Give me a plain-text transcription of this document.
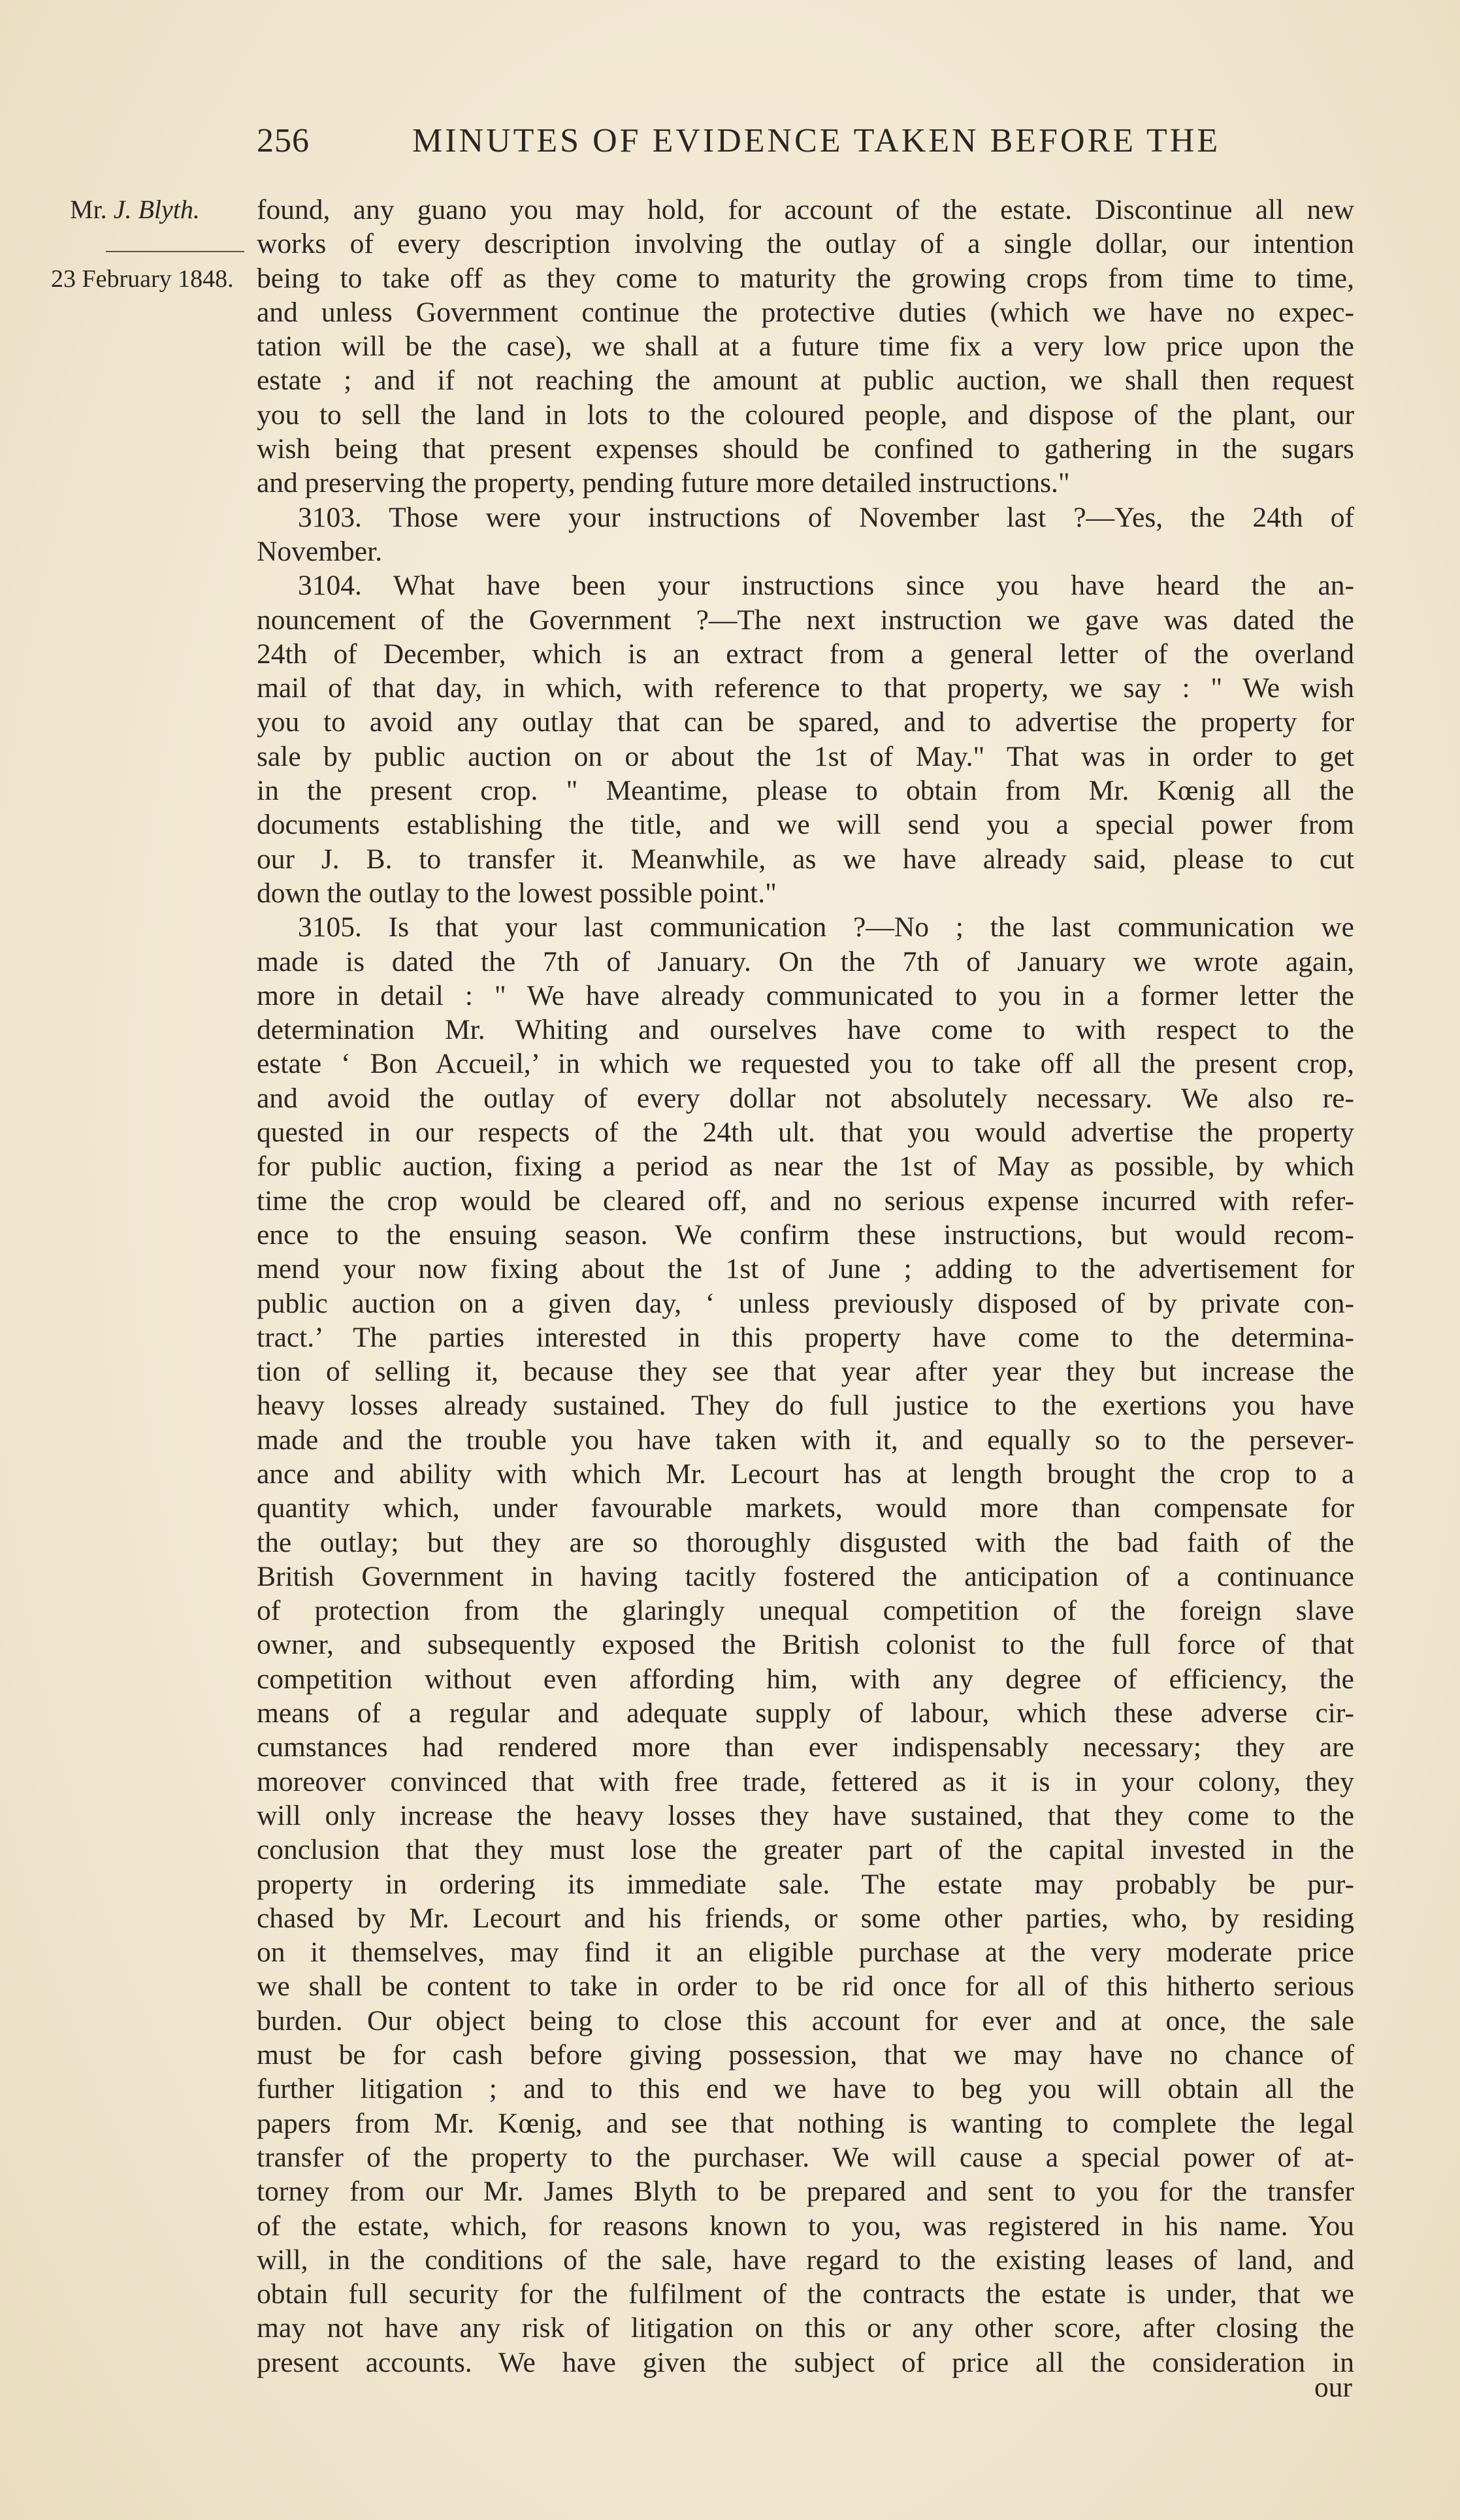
256	MINUTES OF EVIDENCE TAKEN BEFORE THE
Mr. J. Blyth.
23 February 1848.
found, any guano you may hold, for account of the estate. Discontinue all new
works of every description involving the outlay of a single dollar, our intention
being to take off as they come to maturity the growing crops from time to time,
and unless Government continue the protective duties (which we have no expec-
tation will be the case), we shall at a future time fix a very low price upon the
estate ; and if not reaching the amount at public auction, we shall then request
you to sell the land in lots to the coloured people, and dispose of the plant, our
wish being that present expenses should be confined to gathering in the sugars
and preserving the property, pending future more detailed instructions."
3103. Those were your instructions of November last ?—Yes, the 24th of
November.
3104. What have been your instructions since you have heard the an-
nouncement of the Government ?—The next instruction we gave was dated the
24th of December, which is an extract from a general letter of the overland
mail of that day, in which, with reference to that property, we say : " We wish
you to avoid any outlay that can be spared, and to advertise the property for
sale by public auction on or about the 1st of May." That was in order to get
in the present crop. " Meantime, please to obtain from Mr. Kœnig all the
documents establishing the title, and we will send you a special power from
our J. B. to transfer it. Meanwhile, as we have already said, please to cut
down the outlay to the lowest possible point."
3105. Is that your last communication ?—No ; the last communication we
made is dated the 7th of January. On the 7th of January we wrote again,
more in detail : " We have already communicated to you in a former letter the
determination Mr. Whiting and ourselves have come to with respect to the
estate ‘ Bon Accueil,’ in which we requested you to take off all the present crop,
and avoid the outlay of every dollar not absolutely necessary. We also re-
quested in our respects of the 24th ult. that you would advertise the property
for public auction, fixing a period as near the 1st of May as possible, by which
time the crop would be cleared off, and no serious expense incurred with refer-
ence to the ensuing season. We confirm these instructions, but would recom-
mend your now fixing about the 1st of June ; adding to the advertisement for
public auction on a given day, ‘ unless previously disposed of by private con-
tract.’ The parties interested in this property have come to the determina-
tion of selling it, because they see that year after year they but increase the
heavy losses already sustained. They do full justice to the exertions you have
made and the trouble you have taken with it, and equally so to the persever-
ance and ability with which Mr. Lecourt has at length brought the crop to a
quantity which, under favourable markets, would more than compensate for
the outlay; but they are so thoroughly disgusted with the bad faith of the
British Government in having tacitly fostered the anticipation of a continuance
of protection from the glaringly unequal competition of the foreign slave
owner, and subsequently exposed the British colonist to the full force of that
competition without even affording him, with any degree of efficiency, the
means of a regular and adequate supply of labour, which these adverse cir-
cumstances had rendered more than ever indispensably necessary; they are
moreover convinced that with free trade, fettered as it is in your colony, they
will only increase the heavy losses they have sustained, that they come to the
conclusion that they must lose the greater part of the capital invested in the
property in ordering its immediate sale. The estate may probably be pur-
chased by Mr. Lecourt and his friends, or some other parties, who, by residing
on it themselves, may find it an eligible purchase at the very moderate price
we shall be content to take in order to be rid once for all of this hitherto serious
burden. Our object being to close this account for ever and at once, the sale
must be for cash before giving possession, that we may have no chance of
further litigation ; and to this end we have to beg you will obtain all the
papers from Mr. Kœnig, and see that nothing is wanting to complete the legal
transfer of the property to the purchaser. We will cause a special power of at-
torney from our Mr. James Blyth to be prepared and sent to you for the transfer
of the estate, which, for reasons known to you, was registered in his name. You
will, in the conditions of the sale, have regard to the existing leases of land, and
obtain full security for the fulfilment of the contracts the estate is under, that we
may not have any risk of litigation on this or any other score, after closing the
present accounts. We have given the subject of price all the consideration in
our
